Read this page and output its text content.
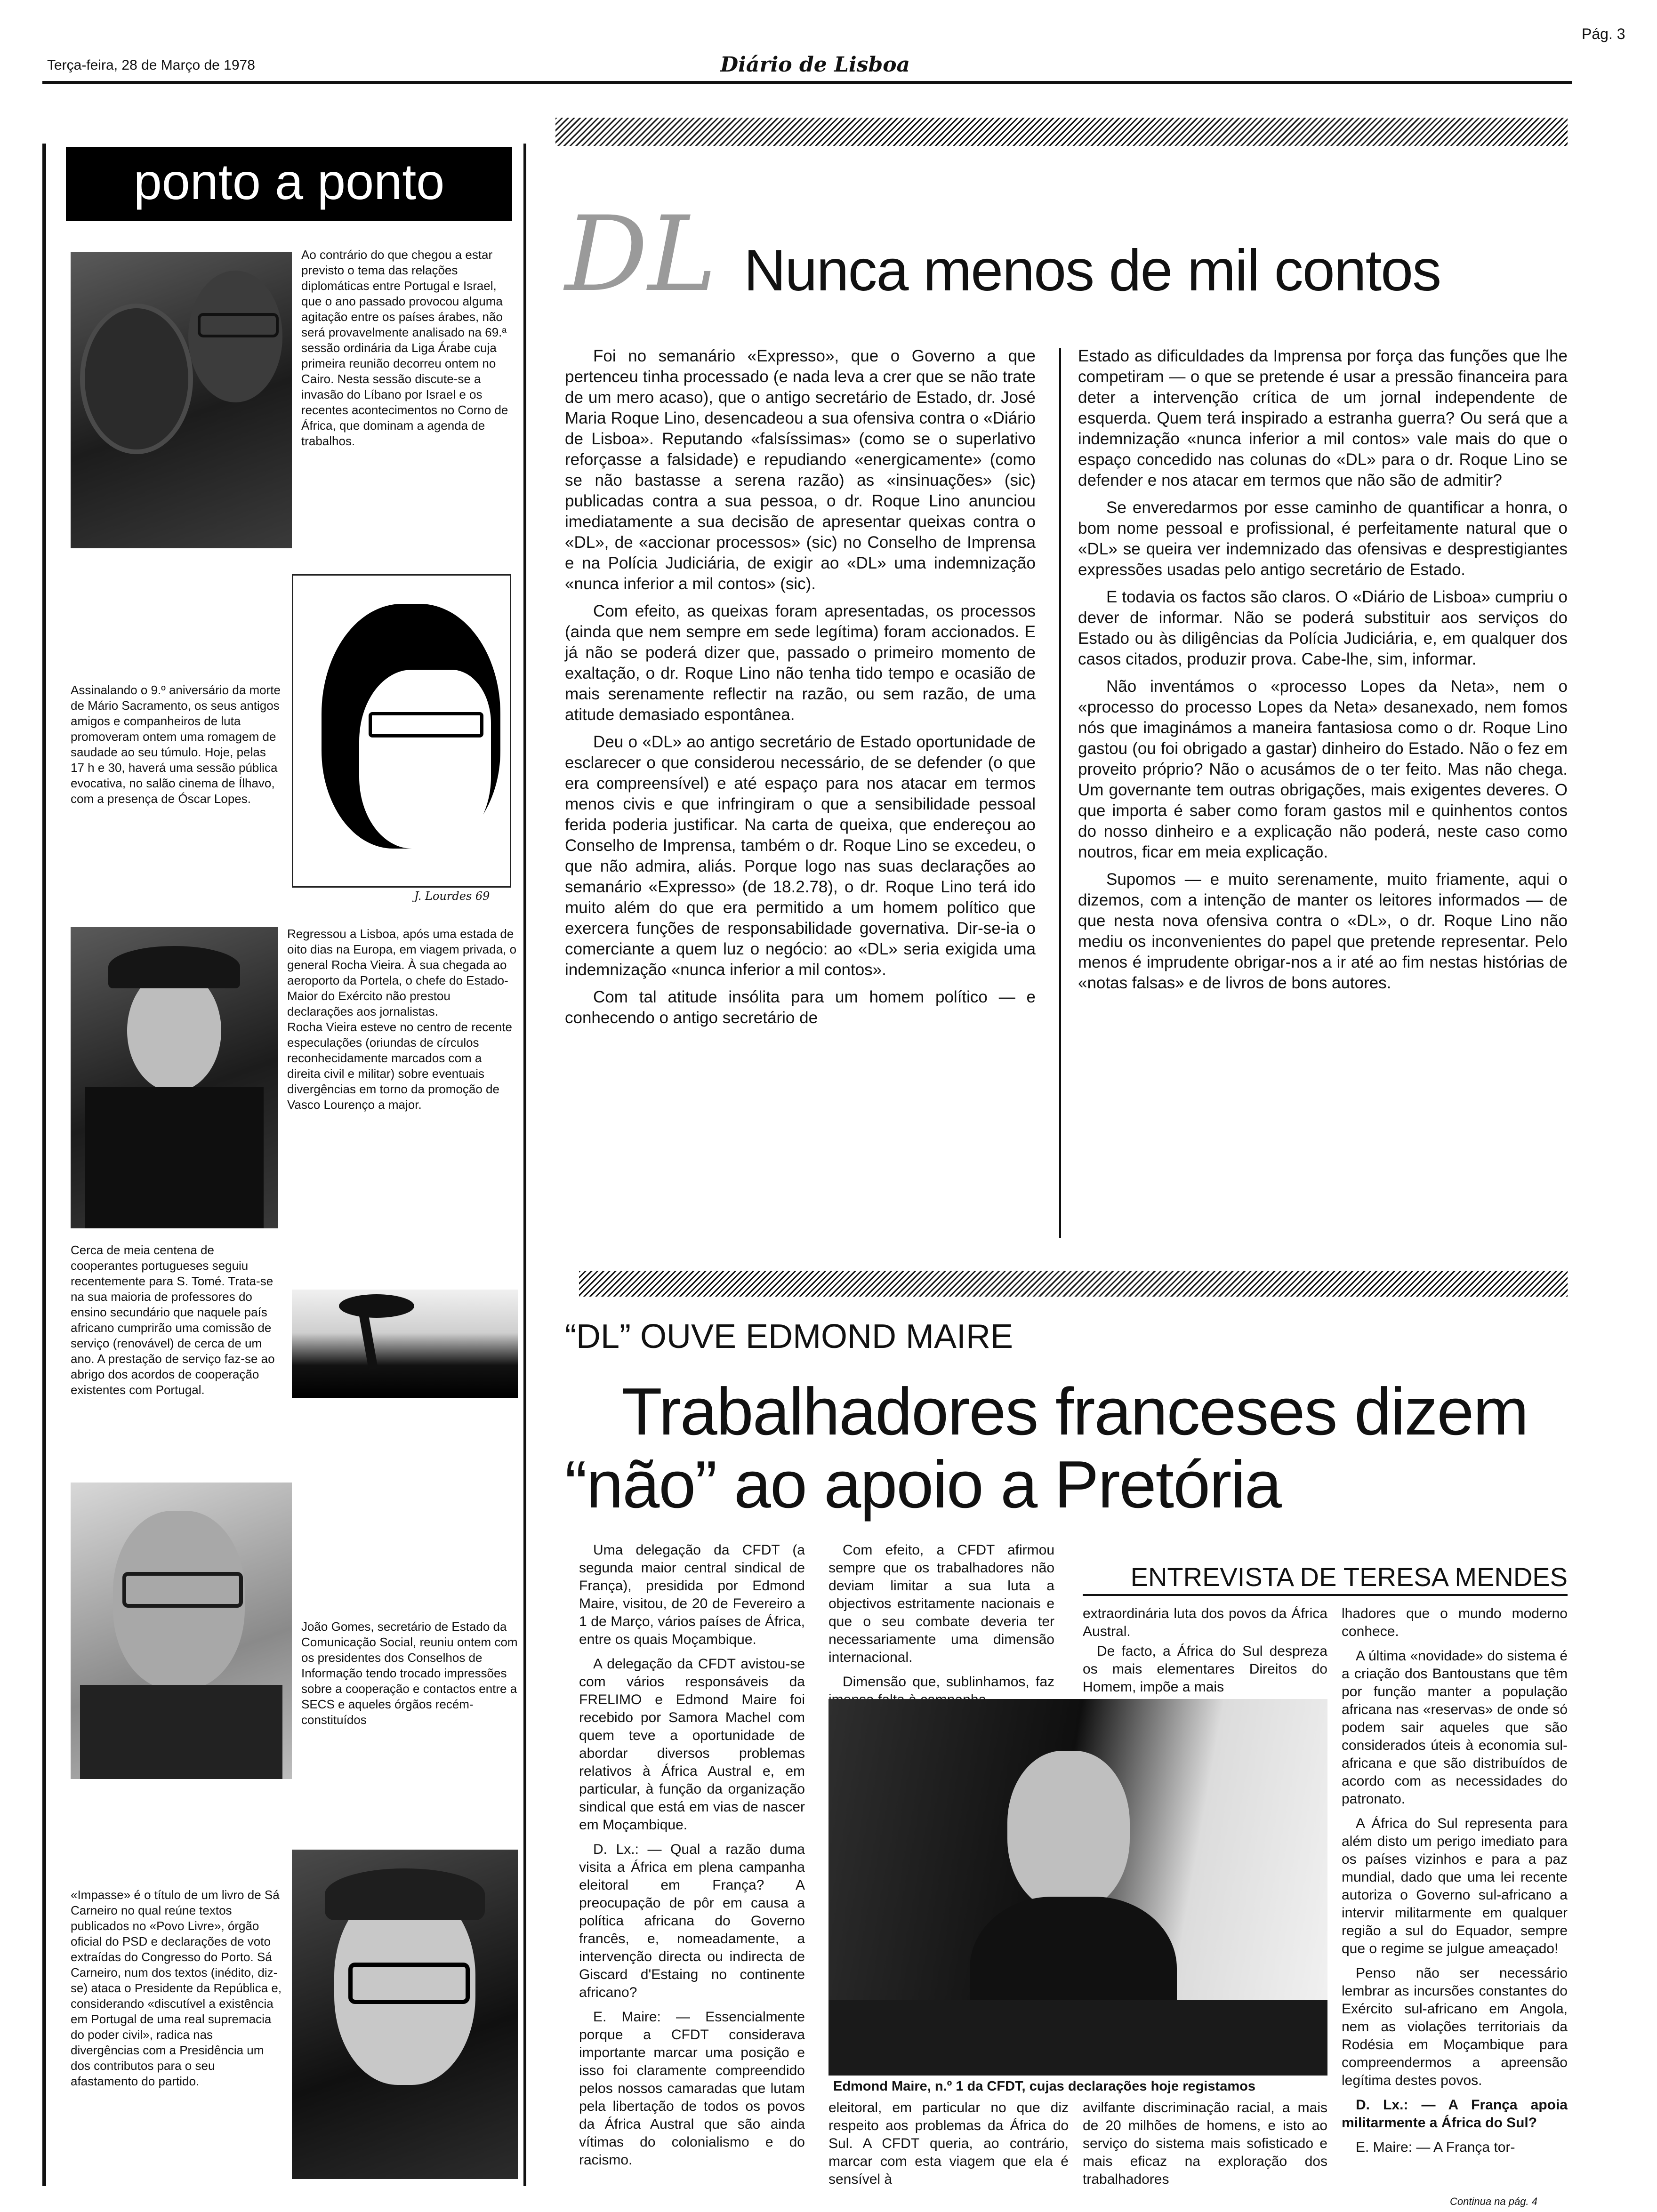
Pág. 3
Terça-feira, 28 de Março de 1978	Diário de Lisboa
ponto a ponto
Ao contrário do que chegou a estar previsto o tema das relações diplomáticas entre Portugal e Israel, que o ano passado provocou alguma agitação entre os países árabes, não será provavelmente analisado na 69.ª sessão ordinária da Liga Árabe cuja primeira reunião decorreu ontem no Cairo. Nesta sessão discute-se a invasão do Líbano por Israel e os recentes acontecimentos no Corno de África, que dominam a agenda de trabalhos.
J. Lourdes 69
Assinalando o 9.º aniversário da morte de Mário Sacramento, os seus antigos amigos e companheiros de luta promoveram ontem uma romagem de saudade ao seu túmulo. Hoje, pelas 17 h e 30, haverá uma sessão pública evocativa, no salão cinema de Ílhavo, com a presença de Óscar Lopes.
Regressou a Lisboa, após uma estada de oito dias na Europa, em viagem privada, o general Rocha Vieira. À sua chegada ao aeroporto da Portela, o chefe do Estado-Maior do Exército não prestou declarações aos jornalistas.
Rocha Vieira esteve no centro de recente especulações (oriundas de círculos reconhecidamente marcados com a direita civil e militar) sobre eventuais divergências em torno da promoção de Vasco Lourenço a major.
Cerca de meia centena de cooperantes portugueses seguiu recentemente para S. Tomé. Trata-se na sua maioria de professores do ensino secundário que naquele país africano cumprirão uma comissão de serviço (renovável) de cerca de um ano. A prestação de serviço faz-se ao abrigo dos acordos de cooperação existentes com Portugal.
João Gomes, secretário de Estado da Comunicação Social, reuniu ontem com os presidentes dos Conselhos de Informação tendo trocado impressões sobre a cooperação e contactos entre a SECS e aqueles órgãos recém-constituídos
«Impasse» é o título de um livro de Sá Carneiro no qual reúne textos publicados no «Povo Livre», órgão oficial do PSD e declarações de voto extraídas do Congresso do Porto. Sá Carneiro, num dos textos (inédito, diz-se) ataca o Presidente da República e, considerando «discutível a existência em Portugal de uma real supremacia do poder civil», radica nas divergências com a Presidência um dos contributos para o seu afastamento do partido.
DL Nunca menos de mil contos

Foi no semanário «Expresso», que o Governo a que pertenceu tinha processado (e nada leva a crer que se não trate de um mero acaso), que o antigo secretário de Estado, dr. José Maria Roque Lino, desencadeou a sua ofensiva contra o «Diário de Lisboa». Reputando «falsíssimas» (como se o superlativo reforçasse a falsidade) e repudiando «energicamente» (como se não bastasse a serena razão) as «insinuações» (sic) publicadas contra a sua pessoa, o dr. Roque Lino anunciou imediatamente a sua decisão de apresentar queixas contra o «DL», de «accionar processos» (sic) no Conselho de Imprensa e na Polícia Judiciária, de exigir ao «DL» uma indemnização «nunca inferior a mil contos» (sic).

Com efeito, as queixas foram apresentadas, os processos (ainda que nem sempre em sede legítima) foram accionados. E já não se poderá dizer que, passado o primeiro momento de exaltação, o dr. Roque Lino não tenha tido tempo e ocasião de mais serenamente reflectir na razão, ou sem razão, de uma atitude demasiado espontânea.

Deu o «DL» ao antigo secretário de Estado oportunidade de esclarecer o que considerou necessário, de se defender (o que era compreensível) e até espaço para nos atacar em termos menos civis e que infringiram o que a sensibilidade pessoal ferida poderia justificar. Na carta de queixa, que endereçou ao Conselho de Imprensa, também o dr. Roque Lino se excedeu, o que não admira, aliás. Porque logo nas suas declarações ao semanário «Expresso» (de 18.2.78), o dr. Roque Lino terá ido muito além do que era permitido a um homem político que exercera funções de responsabilidade governativa. Dir-se-ia o comerciante a quem luz o negócio: ao «DL» seria exigida uma indemnização «nunca inferior a mil contos».

Com tal atitude insólita para um homem político — e conhecendo o antigo secretário de

Estado as dificuldades da Imprensa por força das funções que lhe competiram — o que se pretende é usar a pressão financeira para deter a intervenção crítica de um jornal independente de esquerda. Quem terá inspirado a estranha guerra? Ou será que a indemnização «nunca inferior a mil contos» vale mais do que o espaço concedido nas colunas do «DL» para o dr. Roque Lino se defender e nos atacar em termos que não são de admitir?

Se enveredarmos por esse caminho de quantificar a honra, o bom nome pessoal e profissional, é perfeitamente natural que o «DL» se queira ver indemnizado das ofensivas e desprestigiantes expressões usadas pelo antigo secretário de Estado.

E todavia os factos são claros. O «Diário de Lisboa» cumpriu o dever de informar. Não se poderá substituir aos serviços do Estado ou às diligências da Polícia Judiciária, e, em qualquer dos casos citados, produzir prova. Cabe-lhe, sim, informar.

Não inventámos o «processo Lopes da Neta», nem o «processo do processo Lopes da Neta» desanexado, nem fomos nós que imaginámos a maneira fantasiosa como o dr. Roque Lino gastou (ou foi obrigado a gastar) dinheiro do Estado. Não o fez em proveito próprio? Não o acusámos de o ter feito. Mas não chega. Um governante tem outras obrigações, mais exigentes deveres. O que importa é saber como foram gastos mil e quinhentos contos do nosso dinheiro e a explicação não poderá, neste caso como noutros, ficar em meia explicação.

Supomos — e muito serenamente, muito friamente, aqui o dizemos, com a intenção de manter os leitores informados — de que nesta nova ofensiva contra o «DL», o dr. Roque Lino não mediu os inconvenientes do papel que pretende representar. Pelo menos é imprudente obrigar-nos a ir até ao fim nestas histórias de «notas falsas» e de livros de bons autores.

“DL” OUVE EDMOND MAIRE
Trabalhadores franceses dizem
“não” ao apoio a Pretória

Uma delegação da CFDT (a segunda maior central sindical de França), presidida por Edmond Maire, visitou, de 20 de Fevereiro a 1 de Março, vários países de África, entre os quais Moçambique.

A delegação da CFDT avistou-se com vários responsáveis da FRELIMO e Edmond Maire foi recebido por Samora Machel com quem teve a oportunidade de abordar diversos problemas relativos à África Austral e, em particular, à função da organização sindical que está em vias de nascer em Moçambique.

D. Lx.: — Qual a razão duma visita a África em plena campanha eleitoral em França? A preocupação de pôr em causa a política africana do Governo francês, e, nomeadamente, a intervenção directa ou indirecta de Giscard d'Estaing no continente africano?

E. Maire: — Essencialmente porque a CFDT considerava importante marcar uma posição e isso foi claramente compreendido pelos nossos camaradas que lutam pela libertação de todos os povos da África Austral que são ainda vítimas do colonialismo e do racismo.

Com efeito, a CFDT afirmou sempre que os trabalhadores não deviam limitar a sua luta a objectivos estritamente nacionais e que o seu combate deveria ter necessariamente uma dimensão internacional.

Dimensão que, sublinhamos, faz

ENTREVISTA DE TERESA MENDES

extraordinária luta dos povos da África Austral.

De facto, a África do Sul despreza os mais elementares Direitos do Homem, impõe a mais

Edmond Maire, n.º 1 da CFDT, cujas declarações hoje registamos
eleitoral, em particular no que diz respeito aos problemas da África do Sul. A CFDT queria, ao contrário, marcar com esta viagem que ela é sensível à
avilfante discriminação racial, a mais de 20 milhões de homens, e isto ao serviço do sistema mais sofisticado e mais eficaz na exploração dos trabalhadores

lhadores que o mundo moderno conhece.

A última «novidade» do sistema é a criação dos Bantoustans que têm por função manter a população africana nas «reservas» de onde só podem sair aqueles que são considerados úteis à economia sul-africana e que são distribuídos de acordo com as necessidades do patronato.

A África do Sul representa para além disto um perigo imediato para os países vizinhos e para a paz mundial, dado que uma lei recente autoriza o Governo sul-africano a intervir militarmente em qualquer região a sul do Equador, sempre que o regime se julgue ameaçado!

Penso não ser necessário lembrar as incursões constantes do Exército sul-africano em Angola, nem as violações territoriais da Rodésia em Moçambique para compreendermos a apreensão legítima destes povos.

D. Lx.: — A França apoia militarmente a África do Sul?

E. Maire: — A França tor-

Continua na pág. 4
